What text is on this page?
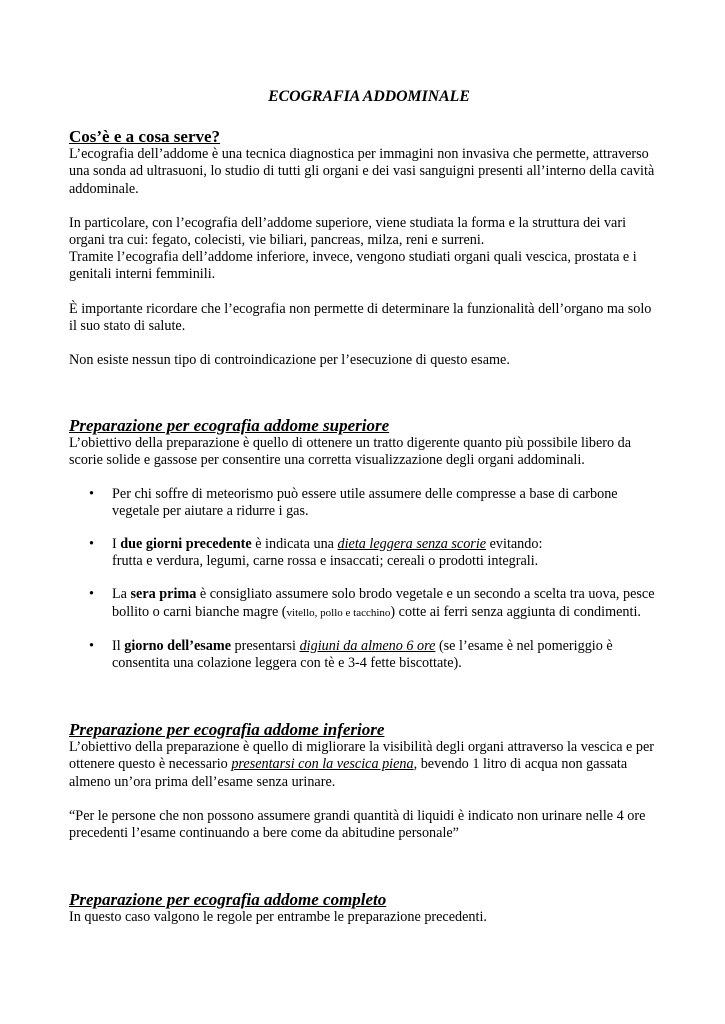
ECOGRAFIA ADDOMINALE

Cos’è e a cosa serve?

L’ecografia dell’addome è una tecnica diagnostica per immagini non invasiva che permette, attraverso una sonda ad ultrasuoni, lo studio di tutti gli organi e dei vasi sanguigni presenti all’interno della cavità addominale.

In particolare, con l’ecografia dell’addome superiore, viene studiata la forma e la struttura dei vari organi tra cui: fegato, colecisti, vie biliari, pancreas, milza, reni e surreni.

Tramite l’ecografia dell’addome inferiore, invece, vengono studiati organi quali vescica, prostata e i genitali interni femminili.

È importante ricordare che l’ecografia non permette di determinare la funzionalità dell’organo ma solo il suo stato di salute.

Non esiste nessun tipo di controindicazione per l’esecuzione di questo esame.

Preparazione per ecografia addome superiore

L’obiettivo della preparazione è quello di ottenere un tratto digerente quanto più possibile libero da scorie solide e gassose per consentire una corretta visualizzazione degli organi addominali.

• Per chi soffre di meteorismo può essere utile assumere delle compresse a base di carbone vegetale per aiutare a ridurre i gas.
• I due giorni precedente è indicata una dieta leggera senza scorie evitando:
frutta e verdura, legumi, carne rossa e insaccati; cereali o prodotti integrali.
• La sera prima è consigliato assumere solo brodo vegetale e un secondo a scelta tra uova, pesce bollito o carni bianche magre (vitello, pollo e tacchino) cotte ai ferri senza aggiunta di condimenti.
• Il giorno dell’esame presentarsi digiuni da almeno 6 ore (se l’esame è nel pomeriggio è consentita una colazione leggera con tè e 3-4 fette biscottate).

Preparazione per ecografia addome inferiore

L’obiettivo della preparazione è quello di migliorare la visibilità degli organi attraverso la vescica e per ottenere questo è necessario presentarsi con la vescica piena, bevendo 1 litro di acqua non gassata almeno un’ora prima dell’esame senza urinare.

“Per le persone che non possono assumere grandi quantità di liquidi è indicato non urinare nelle 4 ore precedenti l’esame continuando a bere come da abitudine personale”

Preparazione per ecografia addome completo

In questo caso valgono le regole per entrambe le preparazione precedenti.
